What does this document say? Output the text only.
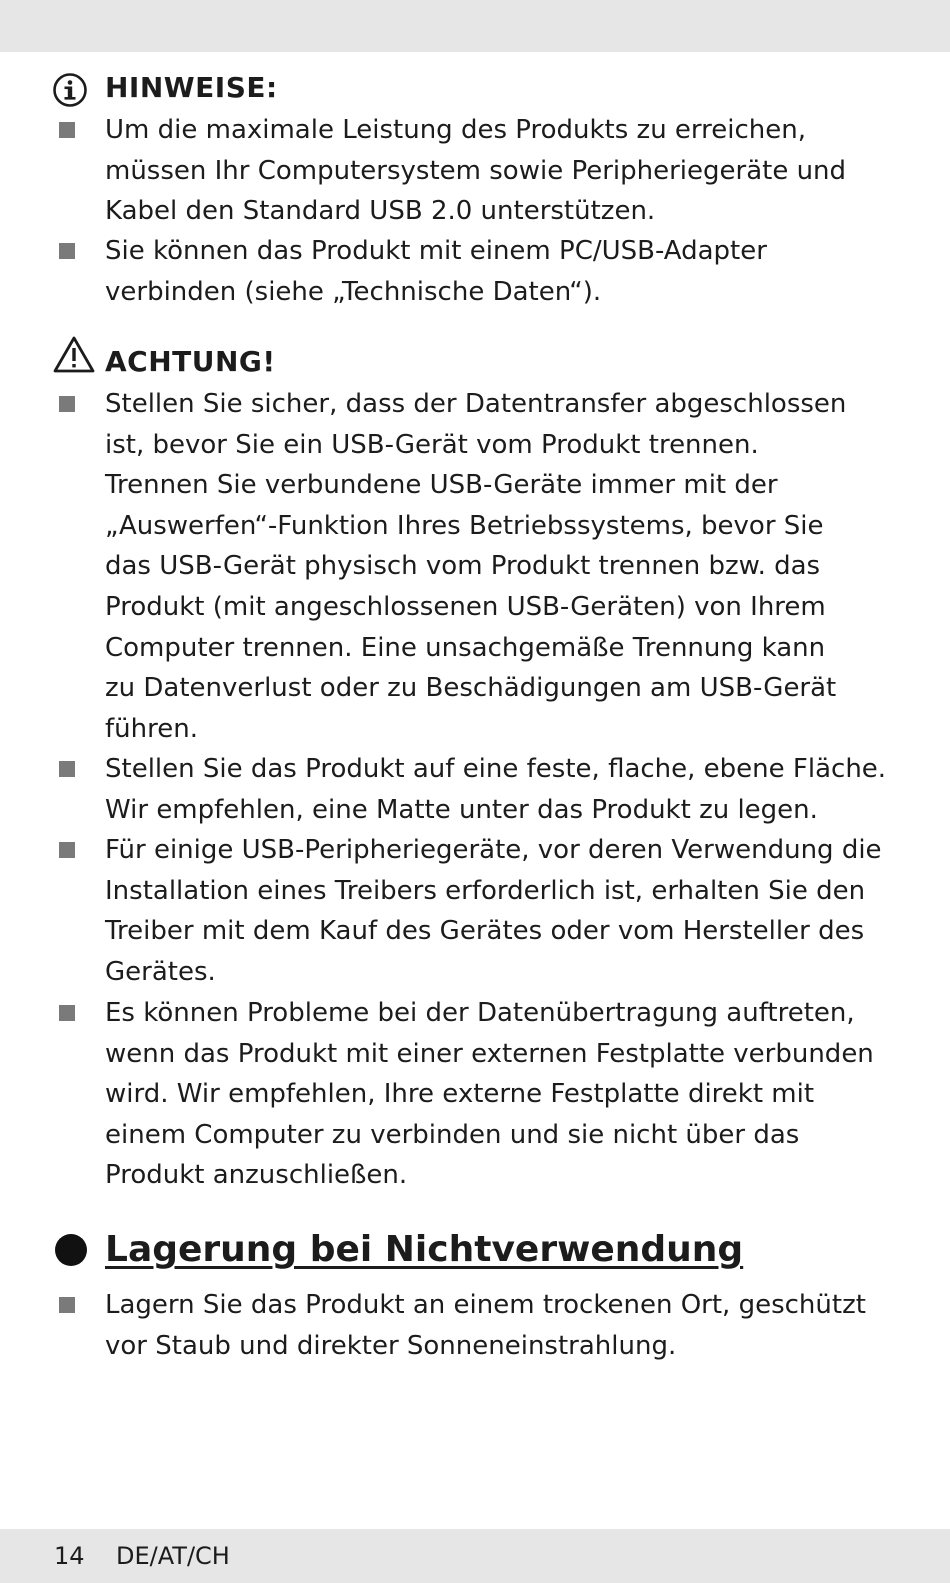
HINWEISE:
Um die maximale Leistung des Produkts zu erreichen,
müssen Ihr Computersystem sowie Peripheriegeräte und
Kabel den Standard USB 2.0 unterstützen.
Sie können das Produkt mit einem PC/USB-Adapter
verbinden (siehe „Technische Daten“).
ACHTUNG!
Stellen Sie sicher, dass der Datentransfer abgeschlossen
ist, bevor Sie ein USB-Gerät vom Produkt trennen.
Trennen Sie verbundene USB-Geräte immer mit der
„Auswerfen“-Funktion Ihres Betriebssystems, bevor Sie
das USB-Gerät physisch vom Produkt trennen bzw. das
Produkt (mit angeschlossenen USB-Geräten) von Ihrem
Computer trennen. Eine unsachgemäße Trennung kann
zu Datenverlust oder zu Beschädigungen am USB-Gerät
führen.
Stellen Sie das Produkt auf eine feste, flache, ebene Fläche.
Wir empfehlen, eine Matte unter das Produkt zu legen.
Für einige USB-Peripheriegeräte, vor deren Verwendung die
Installation eines Treibers erforderlich ist, erhalten Sie den
Treiber mit dem Kauf des Gerätes oder vom Hersteller des
Gerätes.
Es können Probleme bei der Datenübertragung auftreten,
wenn das Produkt mit einer externen Festplatte verbunden
wird. Wir empfehlen, Ihre externe Festplatte direkt mit
einem Computer zu verbinden und sie nicht über das
Produkt anzuschließen.
Lagerung bei Nichtverwendung
Lagern Sie das Produkt an einem trockenen Ort, geschützt
vor Staub und direkter Sonneneinstrahlung.
14 DE/AT/CH
